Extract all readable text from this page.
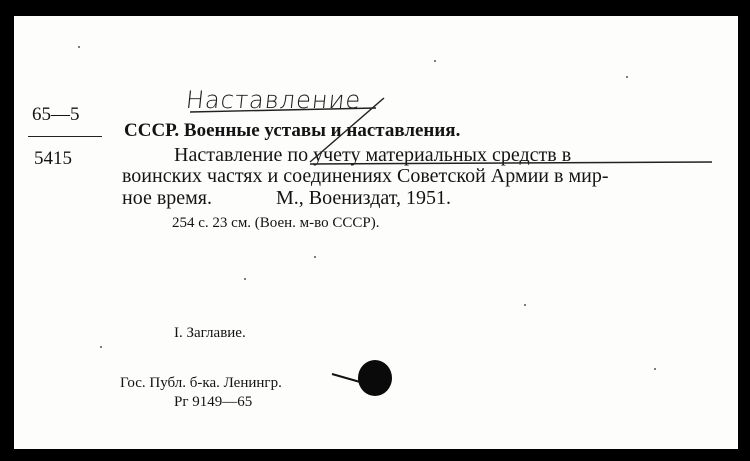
65—5
5415
Наставление
СССР. Военные уставы и наставления.
Наставление по учету материальных средств в
воинских частях и соединениях Советской Армии в мир-
ное время.	М., Воениздат, 1951.
254 с. 23 см. (Воен. м-во СССР).
I. Заглавие.
Гос. Публ. б-ка. Ленингр.
Рг 9149—65
